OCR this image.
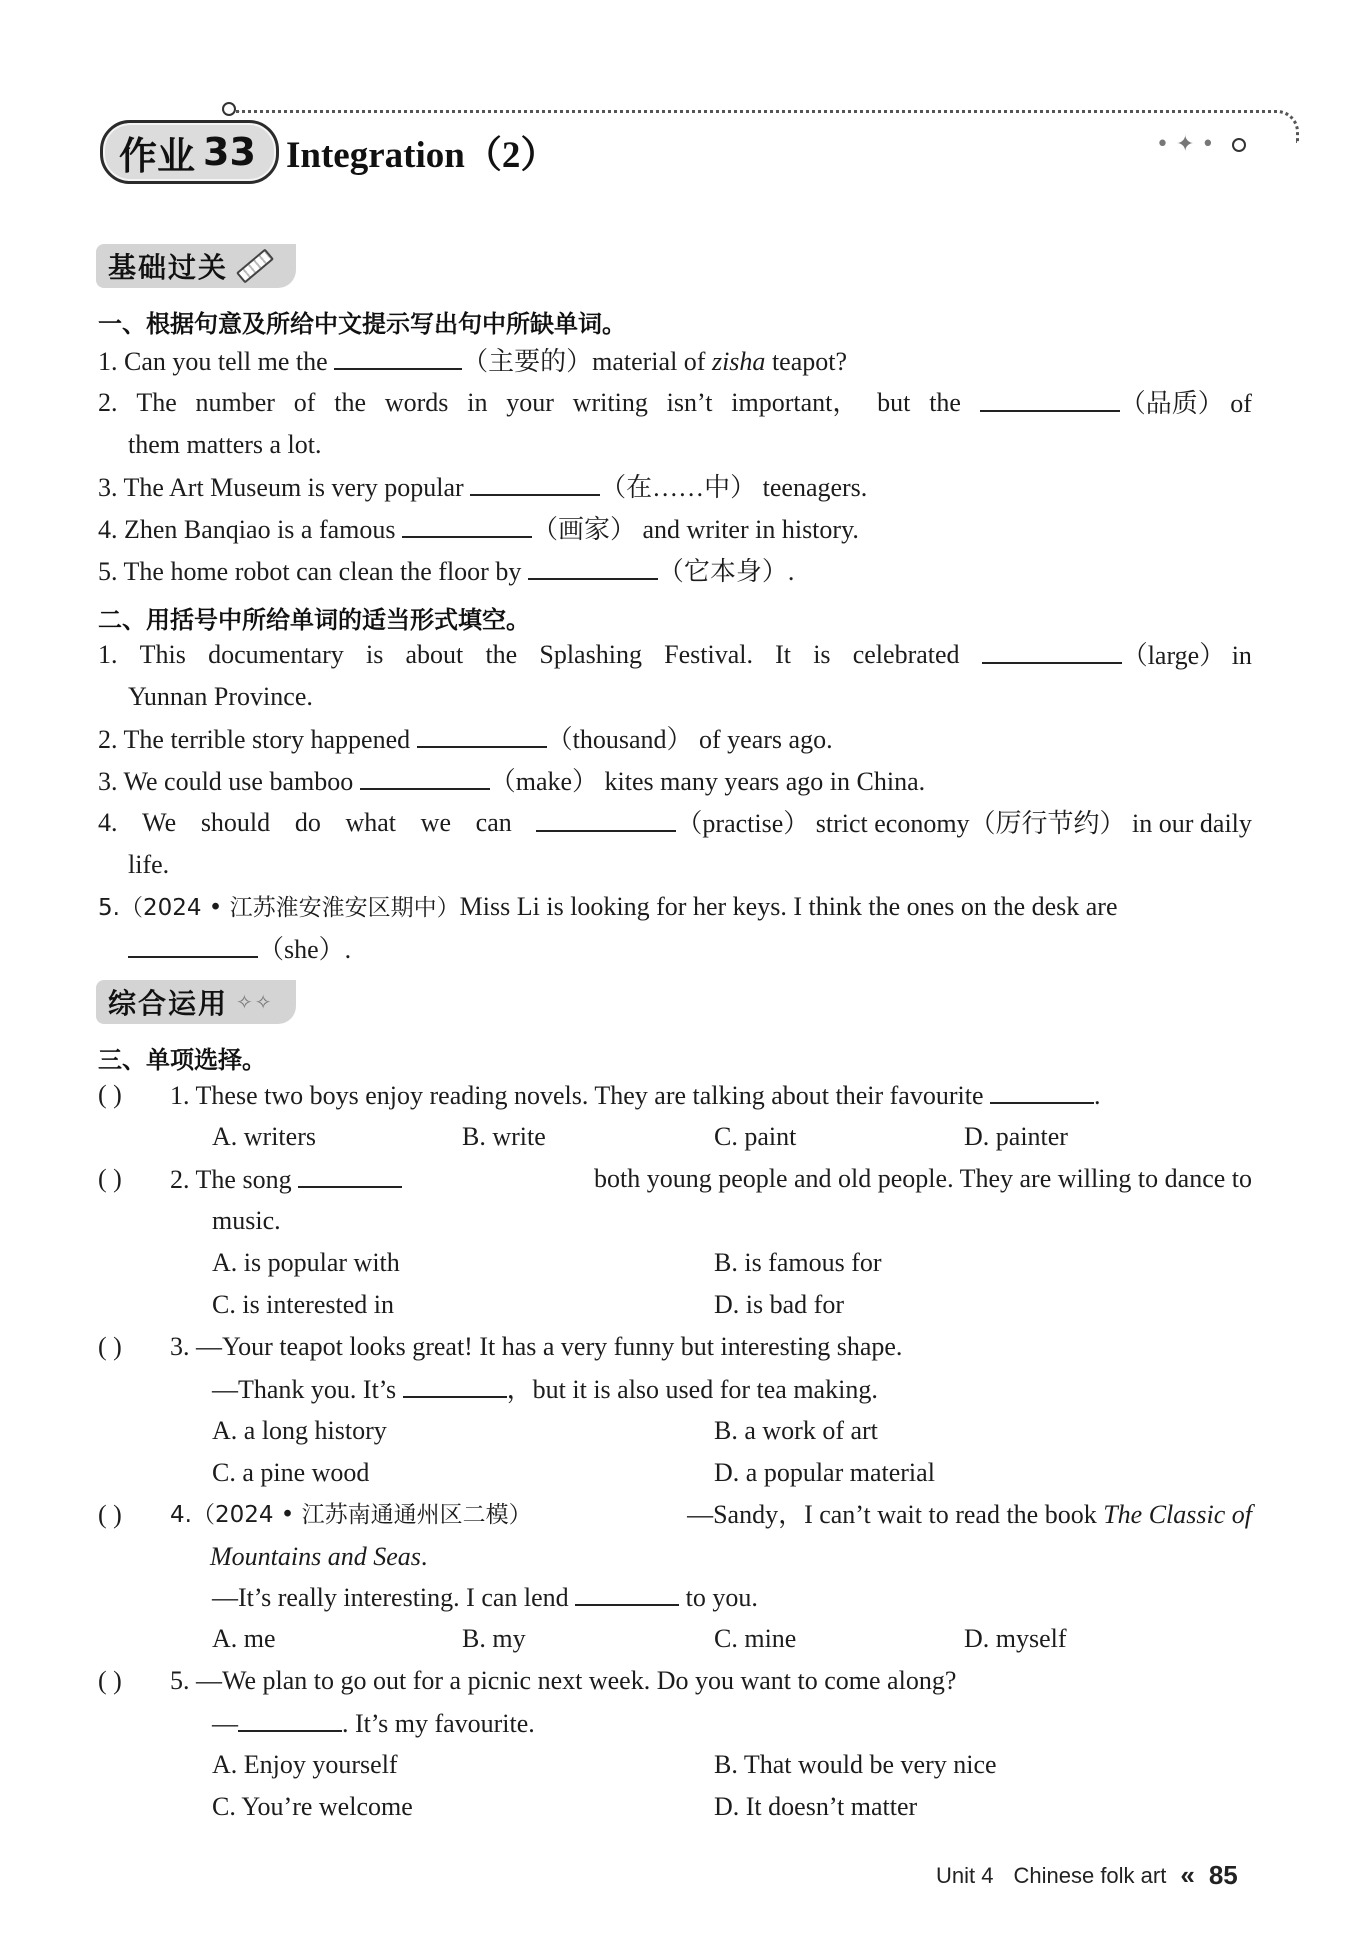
作业 33 Integration（2）	• ✦ •
基础过关
一、根据句意及所给中文提示写出句中所缺单词。
1. Can you tell me the	（主要的）material of zisha teapot?
2. The number of the words in your writing isn’t important， but the	（品质） of
them matters a lot.
3. The Art Museum is very popular	（在……中） teenagers.
4. Zhen Banqiao is a famous	（画家） and writer in history.
5. The home robot can clean the floor by	（它本身）.
二、用括号中所给单词的适当形式填空。
1. This documentary is about the Splashing Festival. It is celebrated	（large） in
Yunnan Province.
2. The terrible story happened	（thousand） of years ago.
3. We could use bamboo	（make） kites many years ago in China.
4. We should do what we can	（practise） strict economy（厉行节约） in our daily
life.
5.（2024 • 江苏淮安淮安区期中）Miss Li is looking for her keys. I think the ones on the desk are
（she）.
综合运用 ✧✧
三、单项选择。
( ) 1. These two boys enjoy reading novels. They are talking about their favourite	.
A. writers	B. write	C. paint	D. painter
( ) 2. The song	both young people and old people. They are willing to dance to
music.
A. is popular with	B. is famous for
C. is interested in	D. is bad for
( ) 3. —Your teapot looks great! It has a very funny but interesting shape.
—Thank you. It’s	，but it is also used for tea making.
A. a long history	B. a work of art
C. a pine wood	D. a popular material
( ) 4.（2024 • 江苏南通通州区二模）	—Sandy，I can’t wait to read the book The Classic of
Mountains and Seas.
—It’s really interesting. I can lend	to you.
A. me	B. my	C. mine	D. myself
( ) 5. —We plan to go out for a picnic next week. Do you want to come along?
—	. It’s my favourite.
A. Enjoy yourself	B. That would be very nice
C. You’re welcome	D. It doesn’t matter
Unit 4 Chinese folk art « 85
